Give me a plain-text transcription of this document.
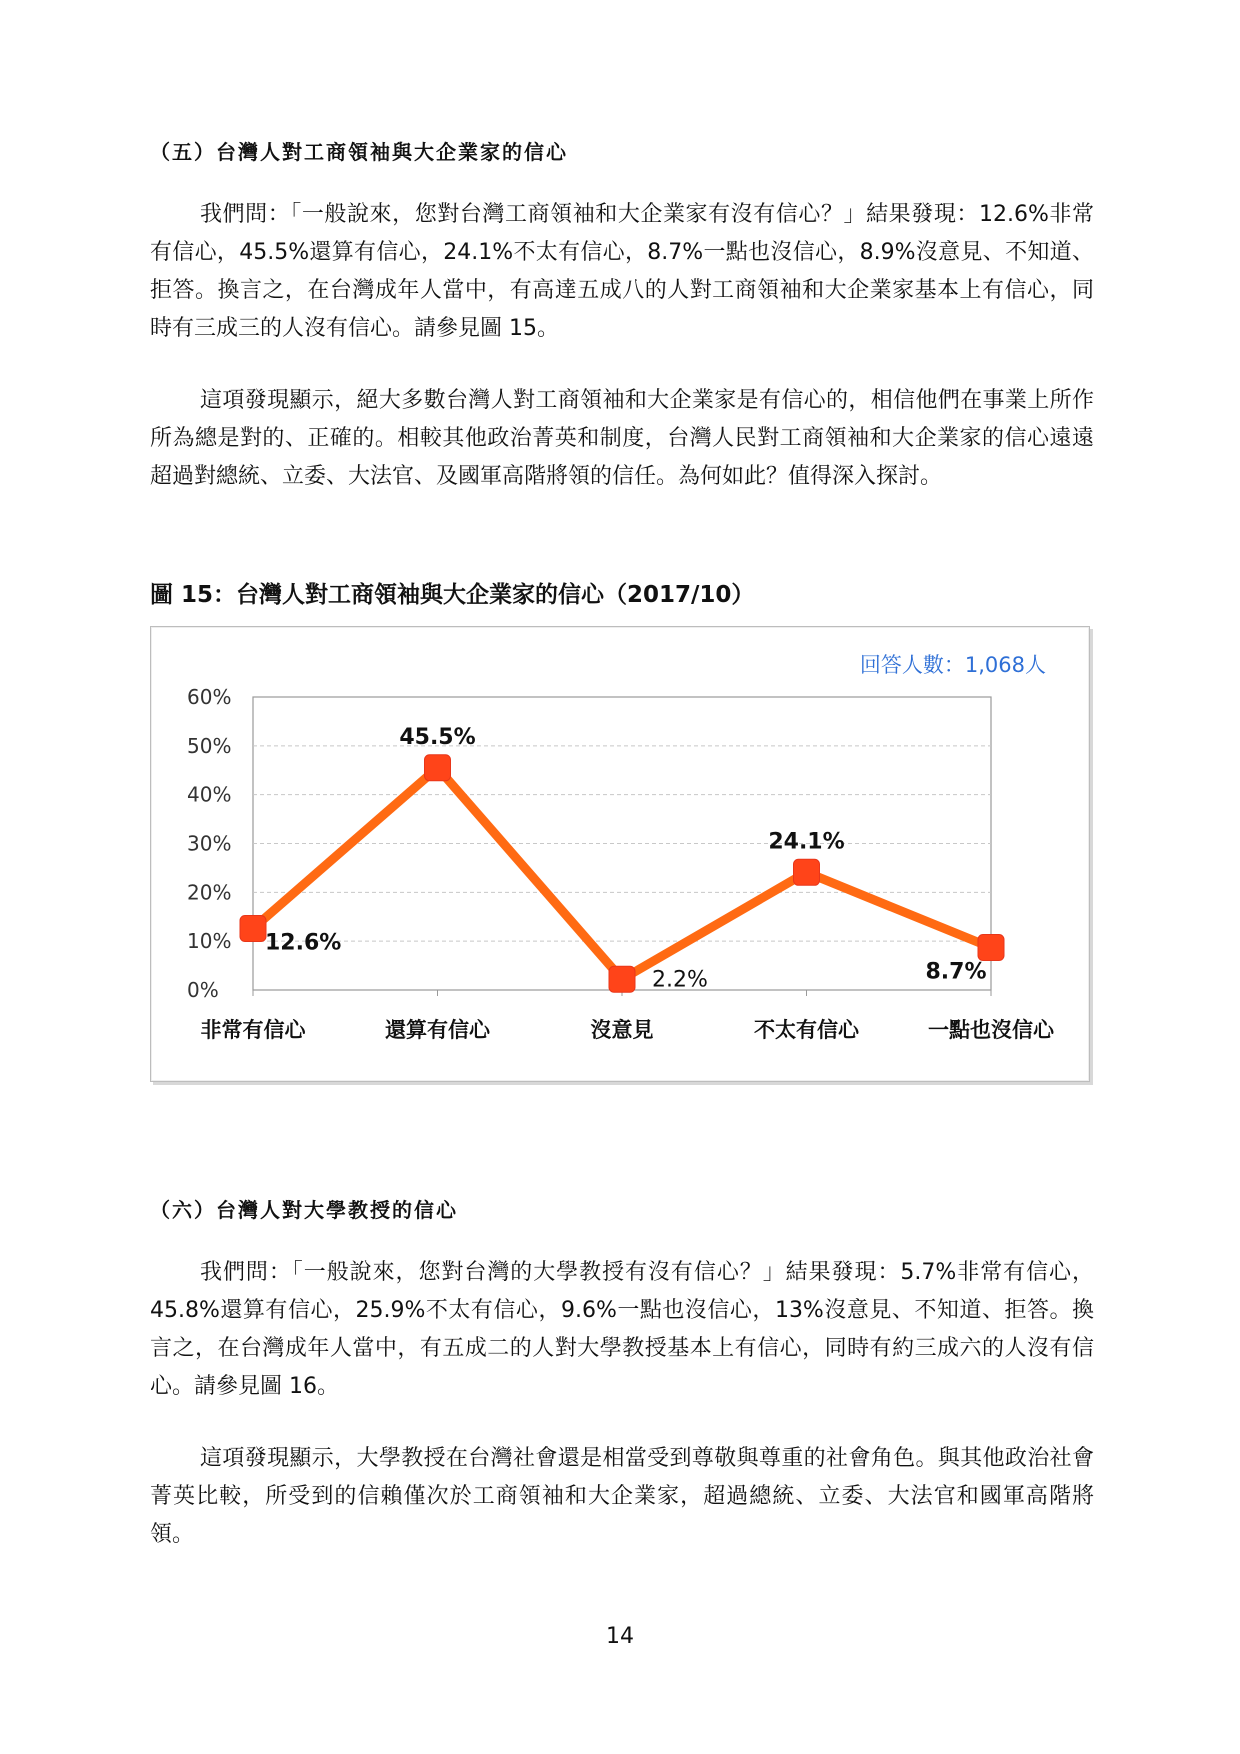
（五）台灣人對工商領袖與大企業家的信心
我們問：「一般說來，您對台灣工商領袖和大企業家有沒有信心？」結果發現：12.6%非常有信心，45.5%還算有信心，24.1%不太有信心，8.7%一點也沒信心，8.9%沒意見、不知道、拒答。換言之，在台灣成年人當中，有高達五成八的人對工商領袖和大企業家基本上有信心，同時有三成三的人沒有信心。請參見圖 15。
這項發現顯示，絕大多數台灣人對工商領袖和大企業家是有信心的，相信他們在事業上所作所為總是對的、正確的。相較其他政治菁英和制度，台灣人民對工商領袖和大企業家的信心遠遠超過對總統、立委、大法官、及國軍高階將領的信任。為何如此？值得深入探討。
圖 15：台灣人對工商領袖與大企業家的信心（2017/10）
0%
10%
20%
30%
40%
50%
60%
非常有信心	還算有信心	沒意見	不太有信心	一點也沒信心
12.6%
45.5%
2.2%
24.1%
8.7%
回答人數：1,068人
（六）台灣人對大學教授的信心
我們問：「一般說來，您對台灣的大學教授有沒有信心？」結果發現：5.7%非常有信心，45.8%還算有信心，25.9%不太有信心，9.6%一點也沒信心，13%沒意見、不知道、拒答。換言之，在台灣成年人當中，有五成二的人對大學教授基本上有信心，同時有約三成六的人沒有信心。請參見圖 16。
這項發現顯示，大學教授在台灣社會還是相當受到尊敬與尊重的社會角色。與其他政治社會菁英比較，所受到的信賴僅次於工商領袖和大企業家，超過總統、立委、大法官和國軍高階將領。
14
